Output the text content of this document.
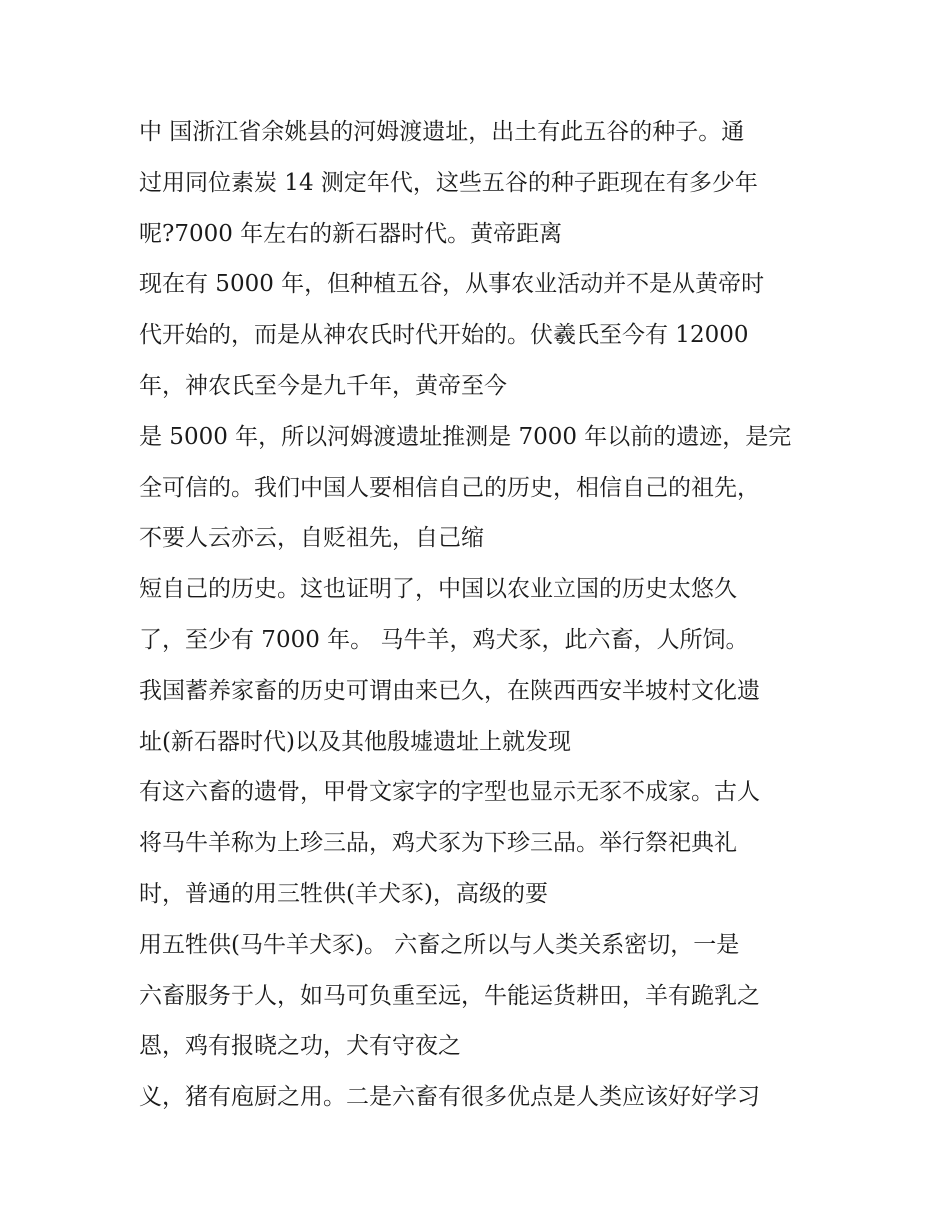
中 国浙江省余姚县的河姆渡遗址，出土有此五谷的种子。通

过用同位素炭 14 测定年代，这些五谷的种子距现在有多少年

呢?7000 年左右的新石器时代。黄帝距离

现在有 5000 年，但种植五谷，从事农业活动并不是从黄帝时

代开始的，而是从神农氏时代开始的。伏羲氏至今有 12000

年，神农氏至今是九千年，黄帝至今

是 5000 年，所以河姆渡遗址推测是 7000 年以前的遗迹，是完

全可信的。我们中国人要相信自己的历史，相信自己的祖先，

不要人云亦云，自贬祖先，自己缩

短自己的历史。这也证明了，中国以农业立国的历史太悠久

了，至少有 7000 年。 马牛羊，鸡犬豕，此六畜，人所饲。

我国蓄养家畜的历史可谓由来已久，在陕西西安半坡村文化遗

址(新石器时代)以及其他殷墟遗址上就发现

有这六畜的遗骨，甲骨文家字的字型也显示无豕不成家。古人

将马牛羊称为上珍三品，鸡犬豕为下珍三品。举行祭祀典礼

时，普通的用三牲供(羊犬豕)，高级的要

用五牲供(马牛羊犬豕)。 六畜之所以与人类关系密切，一是

六畜服务于人，如马可负重至远，牛能运货耕田，羊有跪乳之

恩，鸡有报晓之功，犬有守夜之

义，猪有庖厨之用。二是六畜有很多优点是人类应该好好学习
